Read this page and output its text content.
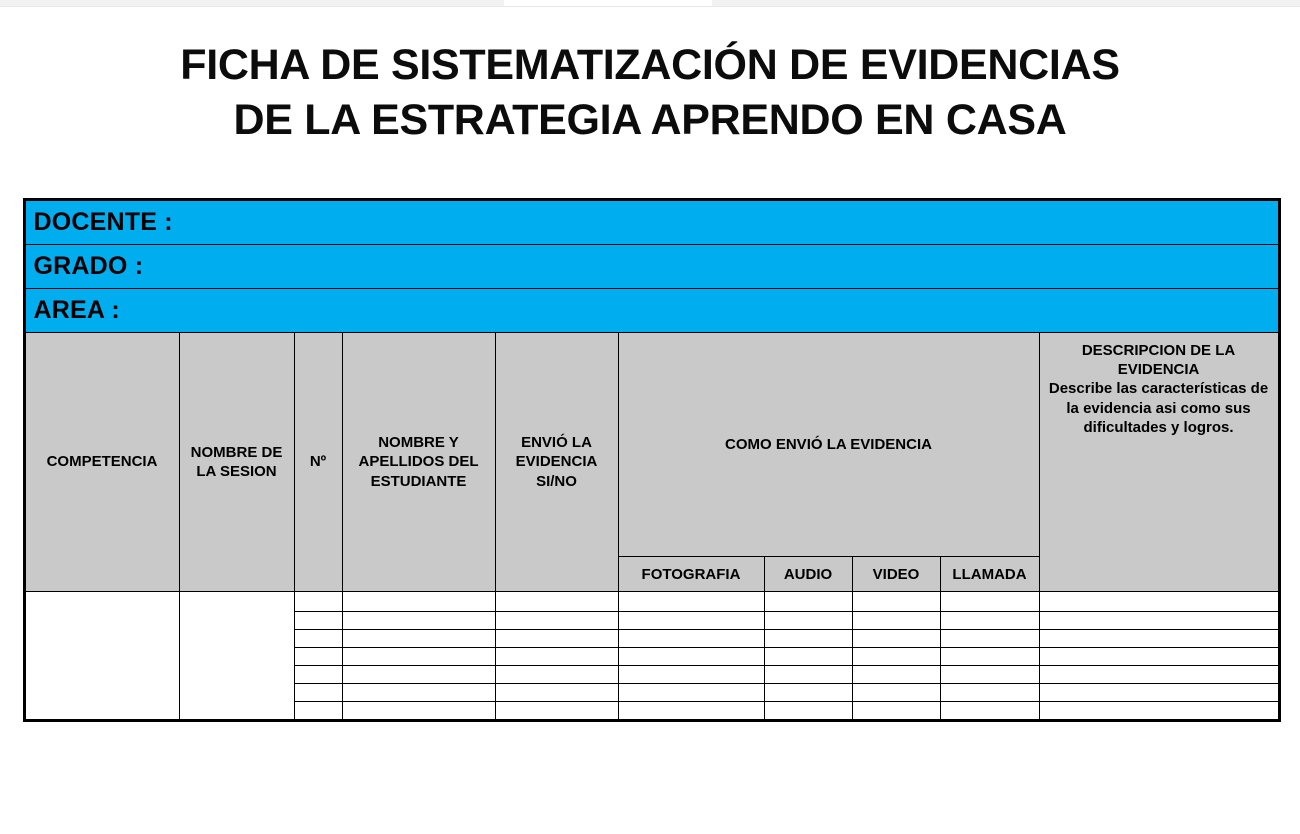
FICHA DE SISTEMATIZACIÓN DE EVIDENCIAS
DE LA ESTRATEGIA APRENDO EN CASA
DOCENTE :									
GRADO :									
AREA :									
COMPETENCIA	NOMBRE DE LA SESION	Nº	NOMBRE Y APELLIDOS DEL ESTUDIANTE	ENVIÓ LA EVIDENCIA SI/NO	COMO ENVIÓ LA EVIDENCIA				DESCRIPCION DE LA EVIDENCIA
Describe las características de la evidencia asi como sus dificultades y logros.

					FOTOGRAFIA	AUDIO	VIDEO	LLAMADA	
